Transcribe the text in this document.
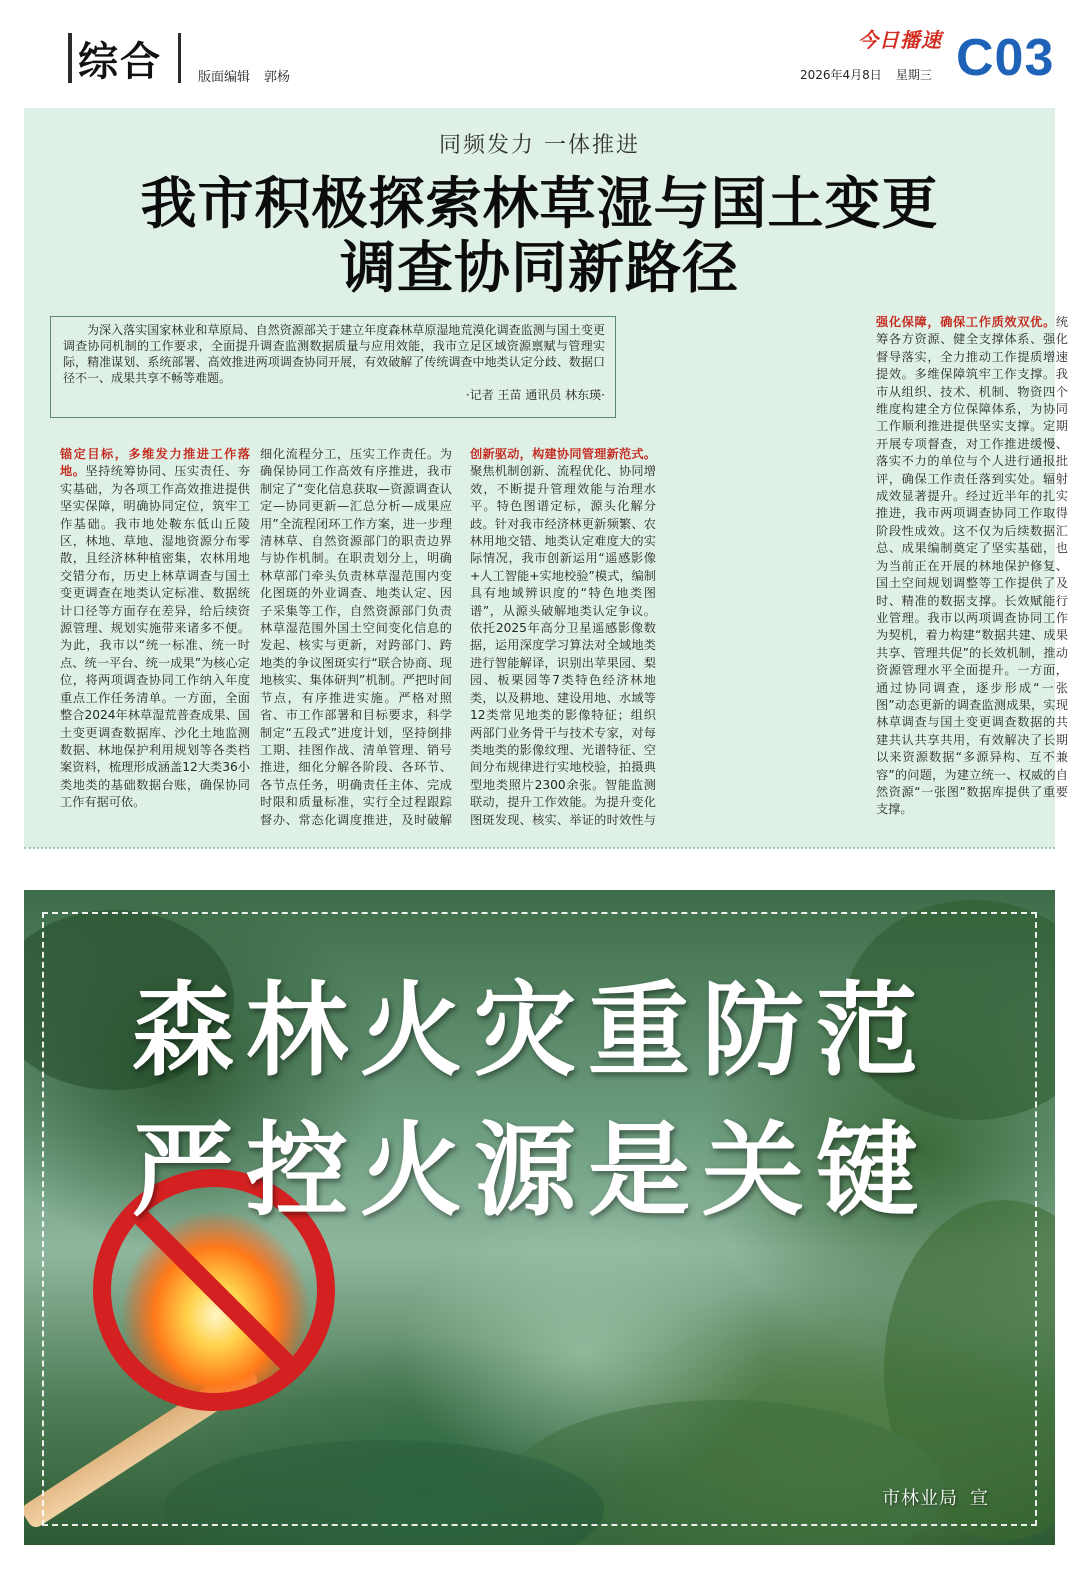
综合	版面编辑 郭杨
今日播速
2026年4月8日 星期三 C03
同频发力 一体推进
我市积极探索林草湿与国土变更
调查协同新路径

为深入落实国家林业和草原局、自然资源部关于建立年度森林草原湿地荒漠化调查监测与国土变更调查协同机制的工作要求，全面提升调查监测数据质量与应用效能，我市立足区域资源禀赋与管理实际，精准谋划、系统部署、高效推进两项调查协同开展，有效破解了传统调查中地类认定分歧、数据口径不一、成果共享不畅等难题。

·记者 王苗 通讯员 林东瑛·
锚定目标，多维发力推进工作落地。坚持统筹协同、压实责任、夯实基础，为各项工作高效推进提供坚实保障，明确协同定位，筑牢工作基础。我市地处鞍东低山丘陵区，林地、草地、湿地资源分布零散，且经济林种植密集，农林用地交错分布，历史上林草调查与国土变更调查在地类认定标准、数据统计口径等方面存在差异，给后续资源管理、规划实施带来诸多不便。为此，我市以“统一标准、统一时点、统一平台、统一成果”为核心定位，将两项调查协同工作纳入年度重点工作任务清单。一方面，全面整合2024年林草湿荒普查成果、国土变更调查数据库、沙化土地监测数据、林地保护利用规划等各类档案资料，梳理形成涵盖12大类36小类地类的基础数据台账，确保协同工作有据可依。
细化流程分工，压实工作责任。为确保协同工作高效有序推进，我市制定了“变化信息获取—资源调查认定—协同更新—汇总分析—成果应用”全流程闭环工作方案，进一步理清林草、自然资源部门的职责边界与协作机制。在职责划分上，明确林草部门牵头负责林草湿范围内变化图斑的外业调查、地类认定、因子采集等工作，自然资源部门负责林草湿范围外国土空间变化信息的发起、核实与更新，对跨部门、跨地类的争议图斑实行“联合协商、现地核实、集体研判”机制。严把时间节点，有序推进实施。严格对照省、市工作部署和目标要求，科学制定“五段式”进度计划，坚持倒排工期、挂图作战、清单管理、销号推进，细化分解各阶段、各环节、各节点任务，明确责任主体、完成时限和质量标准，实行全过程跟踪督办、常态化调度推进，及时破解
创新驱动，构建协同管理新范式。聚焦机制创新、流程优化、协同增效，不断提升管理效能与治理水平。特色图谱定标，源头化解分歧。针对我市经济林更新频繁、农林用地交错、地类认定难度大的实际情况，我市创新运用“遥感影像+人工智能+实地校验”模式，编制具有地域辨识度的“特色地类图谱”，从源头破解地类认定争议。依托2025年高分卫星遥感影像数据，运用深度学习算法对全域地类进行智能解译，识别出苹果园、梨园、板栗园等7类特色经济林地类，以及耕地、建设用地、水域等12类常见地类的影像特征；组织两部门业务骨干与技术专家，对每类地类的影像纹理、光谱特征、空间分布规律进行实地校验，拍摄典型地类照片2300余张。智能监测联动，提升工作效能。为提升变化图斑发现、核实、举证的时效性与
强化保障，确保工作质效双优。统筹各方资源、健全支撑体系、强化督导落实，全力推动工作提质增速提效。多维保障筑牢工作支撑。我市从组织、技术、机制、物资四个维度构建全方位保障体系，为协同工作顺利推进提供坚实支撑。定期开展专项督查，对工作推进缓慢、落实不力的单位与个人进行通报批评，确保工作责任落到实处。辐射成效显著提升。经过近半年的扎实推进，我市两项调查协同工作取得阶段性成效。这不仅为后续数据汇总、成果编制奠定了坚实基础，也为当前正在开展的林地保护修复、国土空间规划调整等工作提供了及时、精准的数据支撑。长效赋能行业管理。我市以两项调查协同工作为契机，着力构建“数据共建、成果共享、管理共促”的长效机制，推动资源管理水平全面提升。一方面，通过协同调查，逐步形成“一张图”动态更新的调查监测成果，实现林草调查与国土变更调查数据的共建共认共享共用，有效解决了长期以来资源数据“多源异构、互不兼容”的问题，为建立统一、权威的自然资源“一张图”数据库提供了重要支撑。
森林火灾重防范
严控火源是关键
市林业局 宣
